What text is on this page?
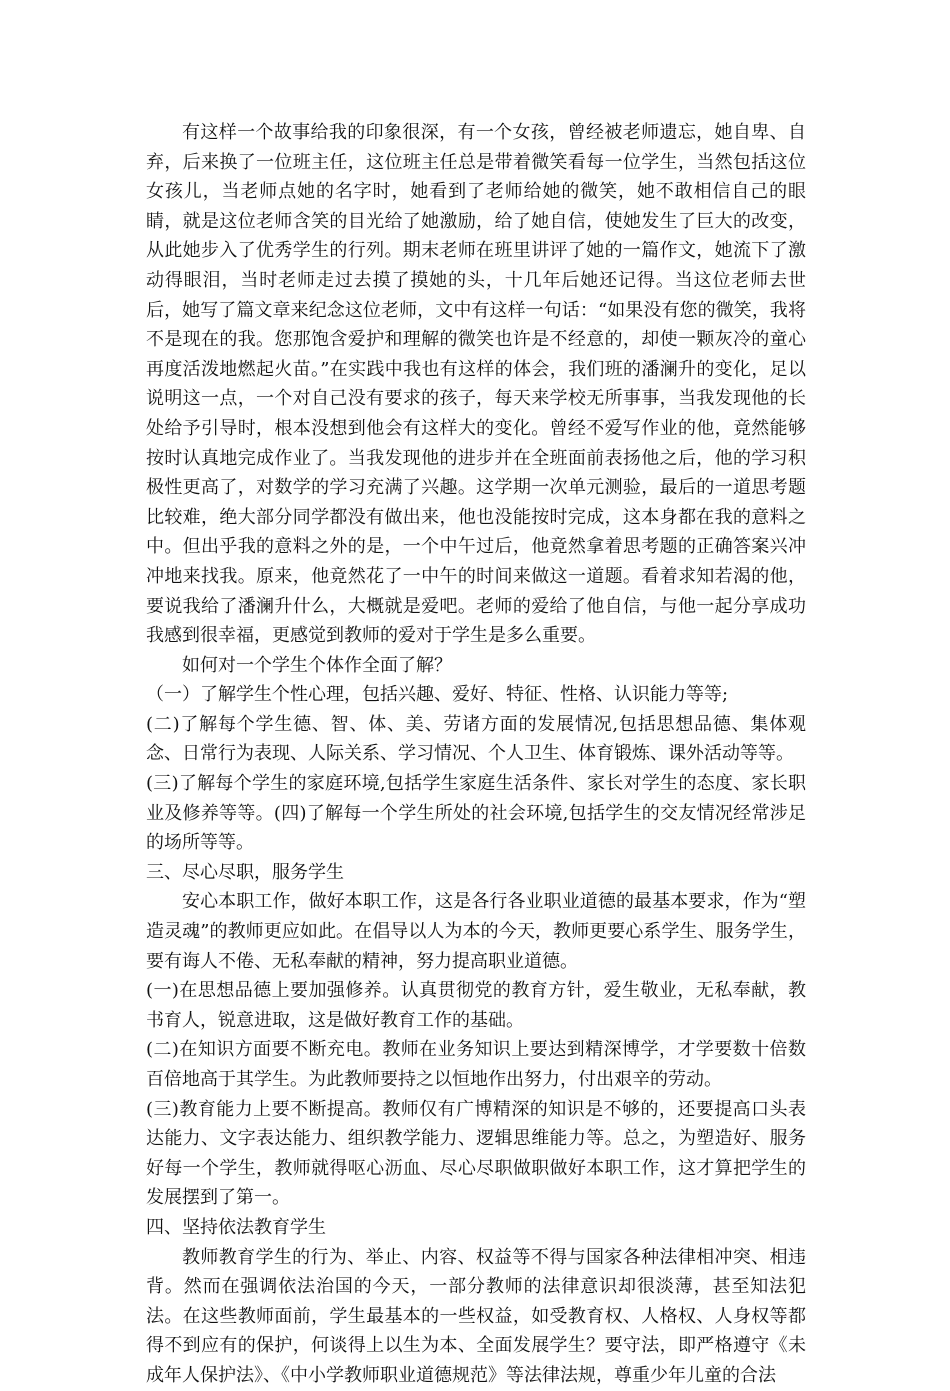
有这样一个故事给我的印象很深，有一个女孩，曾经被老师遗忘，她自卑、自弃，后来换了一位班主任，这位班主任总是带着微笑看每一位学生，当然包括这位女孩儿，当老师点她的名字时，她看到了老师给她的微笑，她不敢相信自己的眼睛，就是这位老师含笑的目光给了她激励，给了她自信，使她发生了巨大的改变，从此她步入了优秀学生的行列。期末老师在班里讲评了她的一篇作文，她流下了激动得眼泪，当时老师走过去摸了摸她的头，十几年后她还记得。当这位老师去世后，她写了篇文章来纪念这位老师，文中有这样一句话：“如果没有您的微笑，我将不是现在的我。您那饱含爱护和理解的微笑也许是不经意的，却使一颗灰冷的童心再度活泼地燃起火苗。”在实践中我也有这样的体会，我们班的潘澜升的变化，足以说明这一点，一个对自己没有要求的孩子，每天来学校无所事事，当我发现他的长处给予引导时，根本没想到他会有这样大的变化。曾经不爱写作业的他，竟然能够按时认真地完成作业了。当我发现他的进步并在全班面前表扬他之后，他的学习积极性更高了，对数学的学习充满了兴趣。这学期一次单元测验，最后的一道思考题比较难，绝大部分同学都没有做出来，他也没能按时完成，这本身都在我的意料之中。但出乎我的意料之外的是，一个中午过后，他竟然拿着思考题的正确答案兴冲冲地来找我。原来，他竟然花了一中午的时间来做这一道题。看着求知若渴的他，要说我给了潘澜升什么，大概就是爱吧。老师的爱给了他自信，与他一起分享成功我感到很幸福，更感觉到教师的爱对于学生是多么重要。

如何对一个学生个体作全面了解？

（一）了解学生个性心理，包括兴趣、爱好、特征、性格、认识能力等等;

(二)了解每个学生德、智、体、美、劳诸方面的发展情况,包括思想品德、集体观念、日常行为表现、人际关系、学习情况、个人卫生、体育锻炼、课外活动等等。

(三)了解每个学生的家庭环境,包括学生家庭生活条件、家长对学生的态度、家长职业及修养等等。(四)了解每一个学生所处的社会环境,包括学生的交友情况经常涉足的场所等等。

三、尽心尽职，服务学生

安心本职工作，做好本职工作，这是各行各业职业道德的最基本要求，作为“塑造灵魂”的教师更应如此。在倡导以人为本的今天，教师更要心系学生、服务学生，要有诲人不倦、无私奉献的精神，努力提高职业道德。

(一)在思想品德上要加强修养。认真贯彻党的教育方针，爱生敬业，无私奉献，教书育人，锐意进取，这是做好教育工作的基础。

(二)在知识方面要不断充电。教师在业务知识上要达到精深博学，才学要数十倍数百倍地高于其学生。为此教师要持之以恒地作出努力，付出艰辛的劳动。

(三)教育能力上要不断提高。教师仅有广博精深的知识是不够的，还要提高口头表达能力、文字表达能力、组织教学能力、逻辑思维能力等。总之，为塑造好、服务好每一个学生，教师就得呕心沥血、尽心尽职做职做好本职工作，这才算把学生的发展摆到了第一。

四、坚持依法教育学生

教师教育学生的行为、举止、内容、权益等不得与国家各种法律相冲突、相违背。然而在强调依法治国的今天，一部分教师的法律意识却很淡薄，甚至知法犯法。在这些教师面前，学生最基本的一些权益，如受教育权、人格权、人身权等都得不到应有的保护，何谈得上以生为本、全面发展学生？要守法，即严格遵守《未成年人保护法》、《中小学教师职业道德规范》等法律法规，尊重少年儿童的合法
